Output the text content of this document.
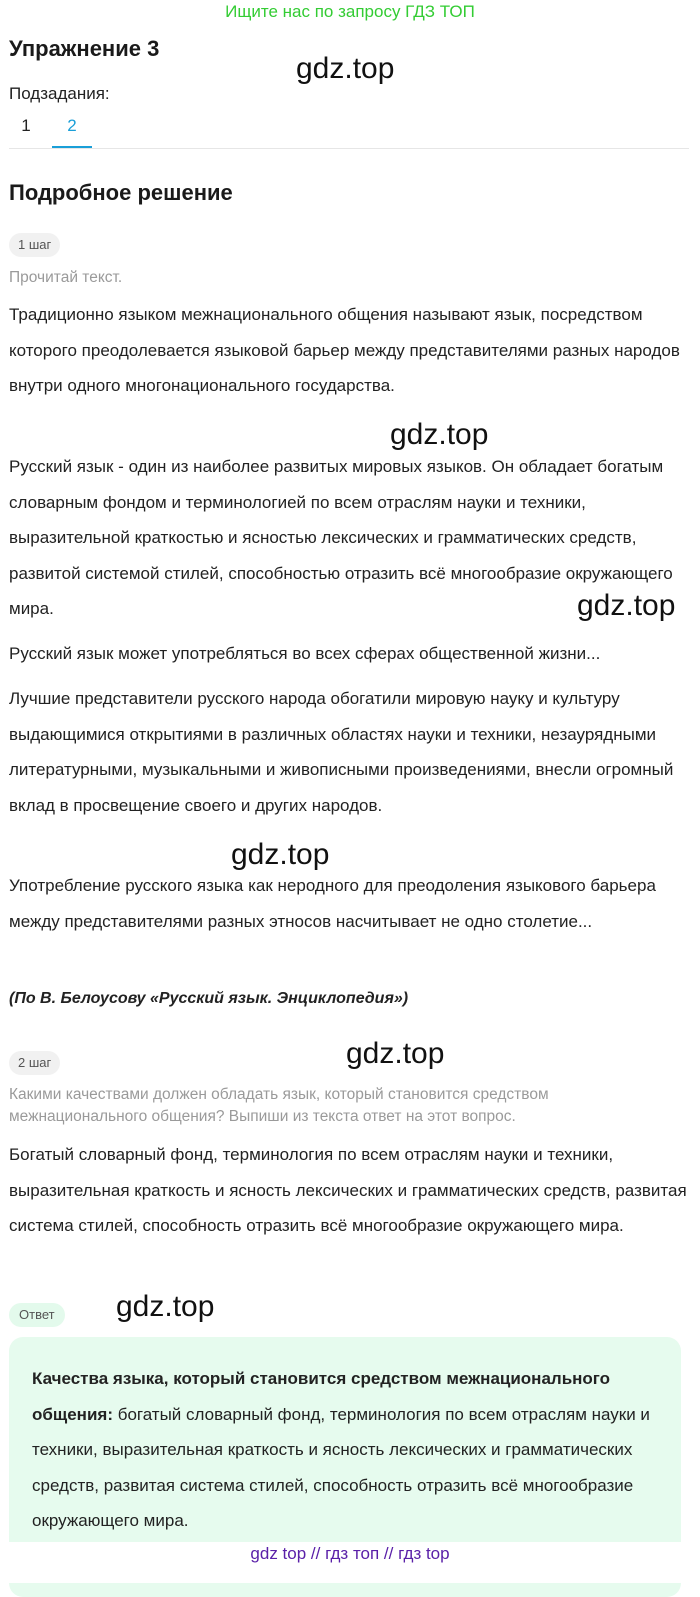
Ищите нас по запросу ГДЗ ТОП
Упражнение 3
Подзадания:
1	2
Подробное решение
1 шаг
Прочитай текст.
Традиционно языком межнационального общения называют язык, посредством которого преодолевается языковой барьер между представителями разных народов внутри одного многонационального государства.
Русский язык - один из наиболее развитых мировых языков. Он обладает богатым словарным фондом и терминологией по всем отраслям науки и техники, выразительной краткостью и ясностью лексических и грамматических средств, развитой системой стилей, способностью отразить всё многообразие окружающего мира.
Русский язык может употребляться во всех сферах общественной жизни...
Лучшие представители русского народа обогатили мировую науку и культуру выдающимися открытиями в различных областях науки и техники, незаурядными литературными, музыкальными и живописными произведениями, внесли огромный вклад в просвещение своего и других народов.
Употребление русского языка как неродного для преодоления языкового барьера между представителями разных этносов насчитывает не одно столетие...
(По В. Белоусову «Русский язык. Энциклопедия»)
2 шаг
Какими качествами должен обладать язык, который становится средством межнационального общения? Выпиши из текста ответ на этот вопрос.
Богатый словарный фонд, терминология по всем отраслям науки и техники, выразительная краткость и ясность лексических и грамматических средств, развитая система стилей, способность отразить всё многообразие окружающего мира.
Ответ
Качества языка, который становится средством межнационального общения: богатый словарный фонд, терминология по всем отраслям науки и техники, выразительная краткость и ясность лексических и грамматических средств, развитая система стилей, способность отразить всё многообразие окружающего мира.
gdz.top
gdz.top
gdz.top
gdz.top
gdz.top
gdz.top
gdz top // гдз топ // гдз top
